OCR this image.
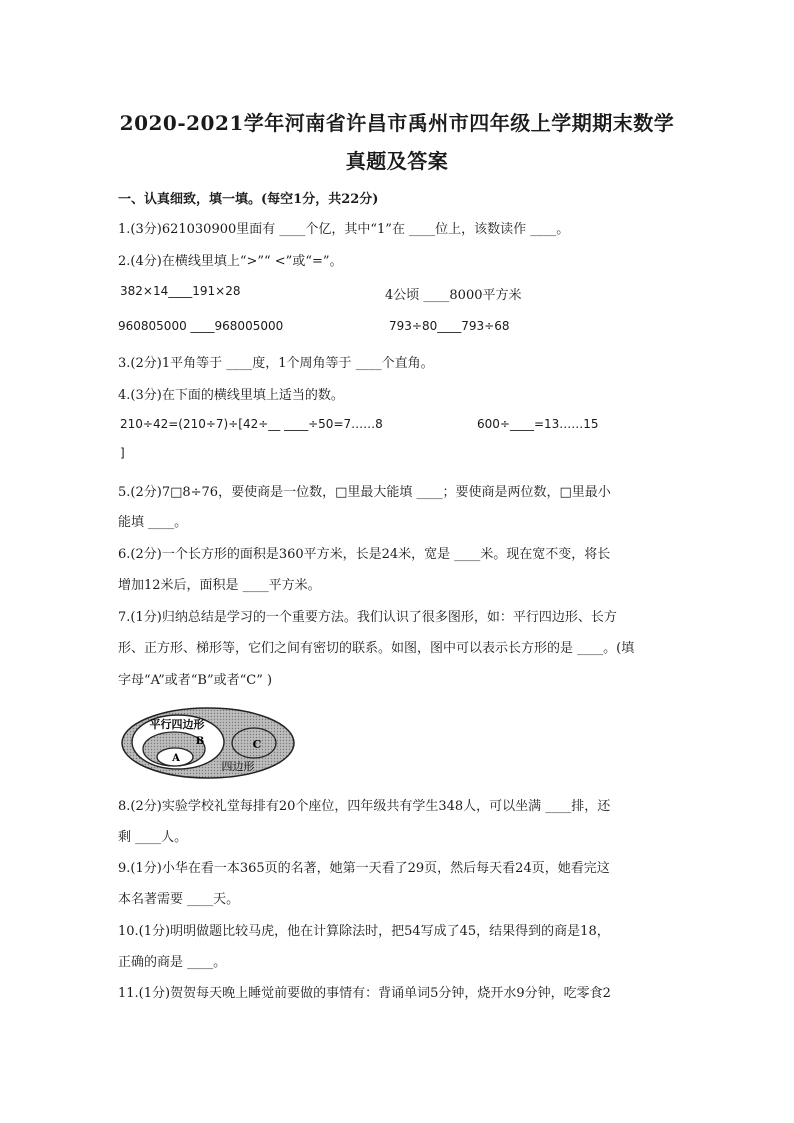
2020-2021学年河南省许昌市禹州市四年级上学期期末数学
真题及答案
一、认真细致，填一填。(每空1分，共22分)
1.(3分)621030900里面有 ____个亿，其中“1”在 ____位上，该数读作 ____。
2.(4分)在横线里填上“>”“ <”或“=”。
382×14____191×28	4公顷 ____8000平方米
960805000 ____968005000	793÷80____793÷68
3.(2分)1平角等于 ____度，1个周角等于 ____个直角。
4.(3分)在下面的横线里填上适当的数。
210÷42=(210÷7)÷[42÷__ ____÷50=7……8	600÷____=13……15
]
5.(2分)7□8÷76，要使商是一位数，□里最大能填 ____；要使商是两位数，□里最小
能填 ____。
6.(2分)一个长方形的面积是360平方米，长是24米，宽是 ____米。现在宽不变，将长
增加12米后，面积是 ____平方米。
7.(1分)归纳总结是学习的一个重要方法。我们认识了很多图形，如：平行四边形、长方
形、正方形、梯形等，它们之间有密切的联系。如图，图中可以表示长方形的是 ____。(填
字母“A”或者“B”或者“C” )
平行四边形
B
A
C
四边形
8.(2分)实验学校礼堂每排有20个座位，四年级共有学生348人，可以坐满 ____排，还
剩 ____人。
9.(1分)小华在看一本365页的名著，她第一天看了29页，然后每天看24页，她看完这
本名著需要 ____天。
10.(1分)明明做题比较马虎，他在计算除法时，把54写成了45，结果得到的商是18，
正确的商是 ____。
11.(1分)贺贺每天晚上睡觉前要做的事情有：背诵单词5分钟，烧开水9分钟，吃零食2
